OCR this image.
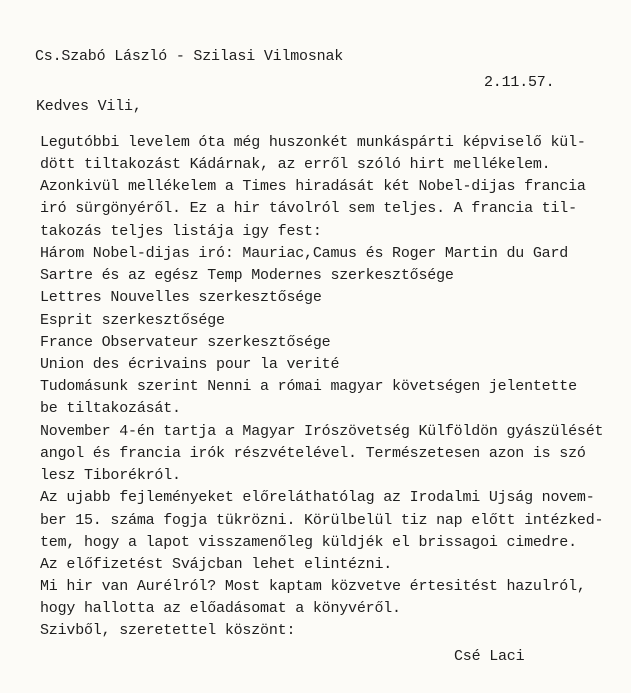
Cs.Szabó László - Szilasi Vilmosnak
2.11.57.
Kedves Vili,
Legutóbbi levelem óta még huszonkét munkáspárti képviselő kül-
dött tiltakozást Kádárnak, az erről szóló hirt mellékelem.
Azonkivül mellékelem a Times hiradását két Nobel-dijas francia
iró sürgönyéről. Ez a hir távolról sem teljes. A francia til-
takozás teljes listája igy fest:
Három Nobel-dijas iró: Mauriac,Camus és Roger Martin du Gard
Sartre és az egész Temp Modernes szerkesztősége
Lettres Nouvelles szerkesztősége
Esprit szerkesztősége
France Observateur szerkesztősége
Union des écrivains pour la verité
Tudomásunk szerint Nenni a római magyar követségen jelentette
be tiltakozását.
November 4-én tartja a Magyar Irószövetség Külföldön gyászülését
angol és francia irók részvételével. Természetesen azon is szó
lesz Tiborékról.
Az ujabb fejleményeket előreláthatólag az Irodalmi Ujság novem-
ber 15. száma fogja tükrözni. Körülbelül tiz nap előtt intézked-
tem, hogy a lapot visszamenőleg küldjék el brissagoi cimedre.
Az előfizetést Svájcban lehet elintézni.
Mi hir van Aurélról? Most kaptam közvetve értesitést hazulról,
hogy hallotta az előadásomat a könyvéről.
Szivből, szeretettel köszönt:
Csé Laci
